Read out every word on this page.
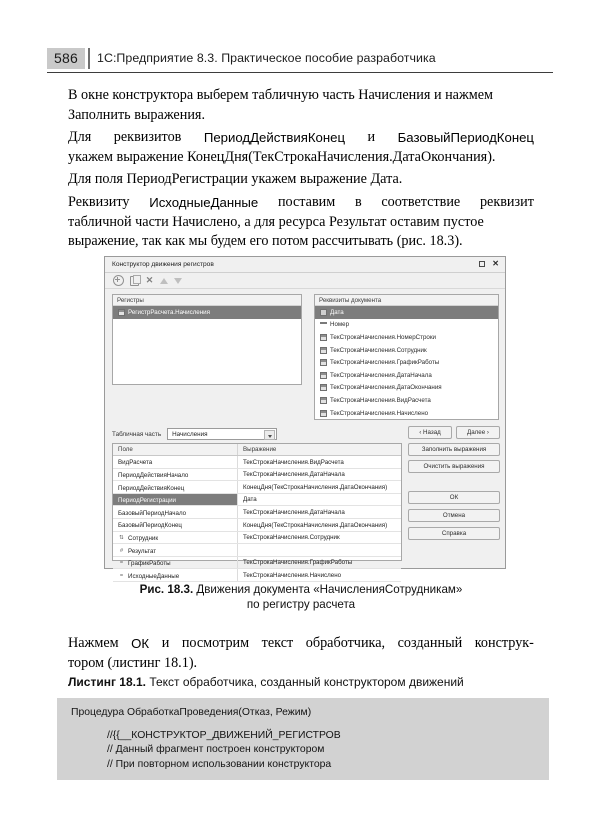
586	1С:Предприятие 8.3. Практическое пособие разработчика
В окне конструктора выберем табличную часть Начисления и нажмем
Заполнить выражения.
Для реквизитов ПериодДействияКонец и БазовыйПериодКонец
укажем выражение КонецДня(ТекСтрокаНачисления.ДатаОкончания).
Для поля ПериодРегистрации укажем выражение Дата.
Реквизиту ИсходныеДанные поставим в соответствие реквизит
табличной части Начислено, а для ресурса Результат оставим пустое
выражение, так как мы будем его потом рассчитывать (рис. 18.3).
Конструктор движения регистров	✕
✕
Регистры
РегистрРасчета.Начисления
Реквизиты документа
Дата
Номер
ТекСтрокаНачисления.НомерСтроки
ТекСтрокаНачисления.Сотрудник
ТекСтрокаНачисления.ГрафикРаботы
ТекСтрокаНачисления.ДатаНачала
ТекСтрокаНачисления.ДатаОкончания
ТекСтрокаНачисления.ВидРасчета
ТекСтрокаНачисления.Начислено
Табличная часть	Начисления
Поле	Выражение
ВидРасчета	ТекСтрокаНачисления.ВидРасчета
ПериодДействияНачало	ТекСтрокаНачисления.ДатаНачала
ПериодДействияКонец	КонецДня(ТекСтрокаНачисления.ДатаОкончания)
ПериодРегистрации	Дата
БазовыйПериодНачало	ТекСтрокаНачисления.ДатаНачала
БазовыйПериодКонец	КонецДня(ТекСтрокаНачисления.ДатаОкончания)
⇅ Сотрудник	ТекСтрокаНачисления.Сотрудник
# Результат
= ГрафикРаботы	ТекСтрокаНачисления.ГрафикРаботы
= ИсходныеДанные	ТекСтрокаНачисления.Начислено
‹ Назад	Далее ›
Заполнить выражения
Очистить выражения
ОК
Отмена
Справка
Рис. 18.3. Движения документа «НачисленияСотрудникам»
по регистру расчета
Нажмем ОК и посмотрим текст обработчика, созданный конструк-
тором (листинг 18.1).
Листинг 18.1. Текст обработчика, созданный конструктором движений
Процедура ОбработкаПроведения(Отказ, Режим)
//{{__КОНСТРУКТОР_ДВИЖЕНИЙ_РЕГИСТРОВ
// Данный фрагмент построен конструктором
// При повторном использовании конструктора
